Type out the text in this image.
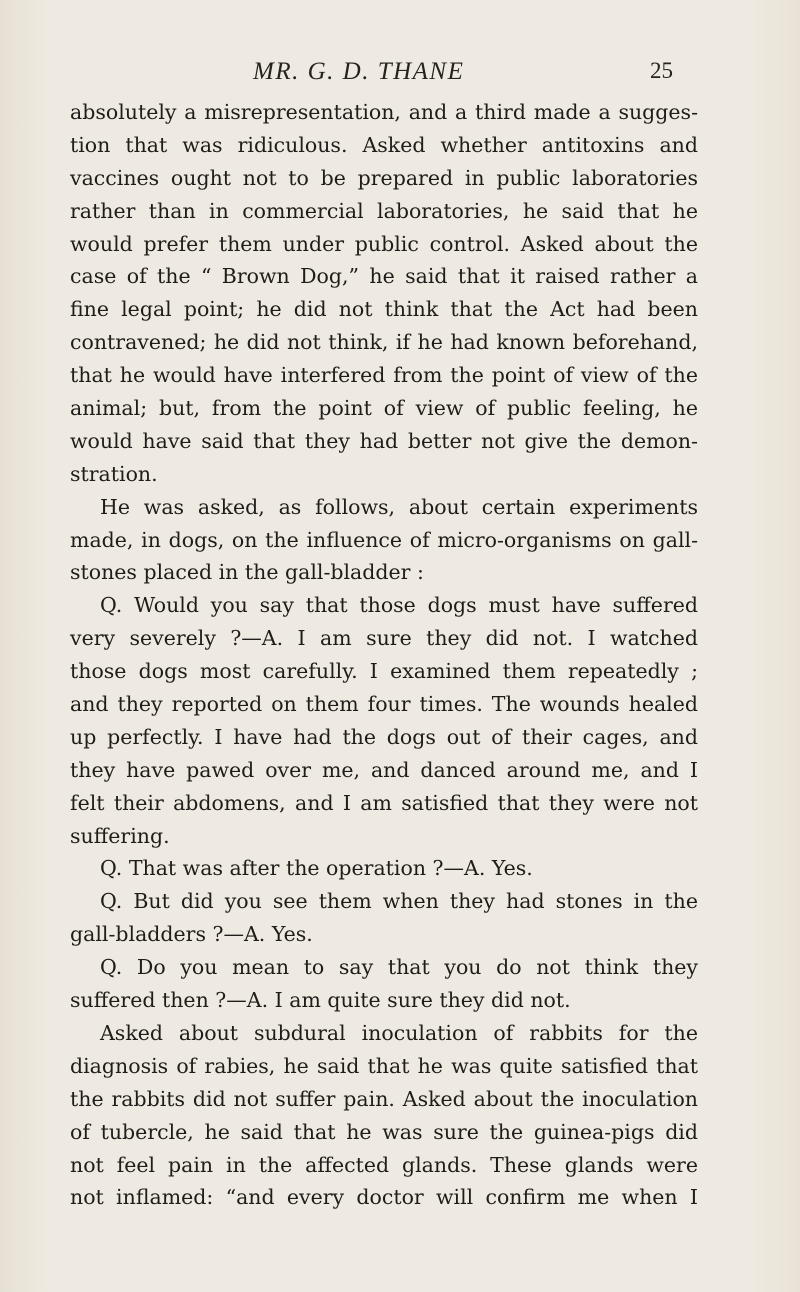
MR. G. D. THANE	25
absolutely a misrepresentation, and a third made a sugges-
tion that was ridiculous. Asked whether antitoxins and
vaccines ought not to be prepared in public laboratories
rather than in commercial laboratories, he said that he
would prefer them under public control. Asked about the
case of the “ Brown Dog,” he said that it raised rather a
fine legal point; he did not think that the Act had been
contravened; he did not think, if he had known beforehand,
that he would have interfered from the point of view of the
animal; but, from the point of view of public feeling, he
would have said that they had better not give the demon-
stration.
He was asked, as follows, about certain experiments
made, in dogs, on the influence of micro-organisms on gall-
stones placed in the gall-bladder :
Q. Would you say that those dogs must have suffered
very severely ?—A. I am sure they did not. I watched
those dogs most carefully. I examined them repeatedly ;
and they reported on them four times. The wounds healed
up perfectly. I have had the dogs out of their cages, and
they have pawed over me, and danced around me, and I
felt their abdomens, and I am satisfied that they were not
suffering.
Q. That was after the operation ?—A. Yes.
Q. But did you see them when they had stones in the
gall-bladders ?—A. Yes.
Q. Do you mean to say that you do not think they
suffered then ?—A. I am quite sure they did not.
Asked about subdural inoculation of rabbits for the
diagnosis of rabies, he said that he was quite satisfied that
the rabbits did not suffer pain. Asked about the inoculation
of tubercle, he said that he was sure the guinea-pigs did
not feel pain in the affected glands. These glands were
not inflamed: “and every doctor will confirm me when I
